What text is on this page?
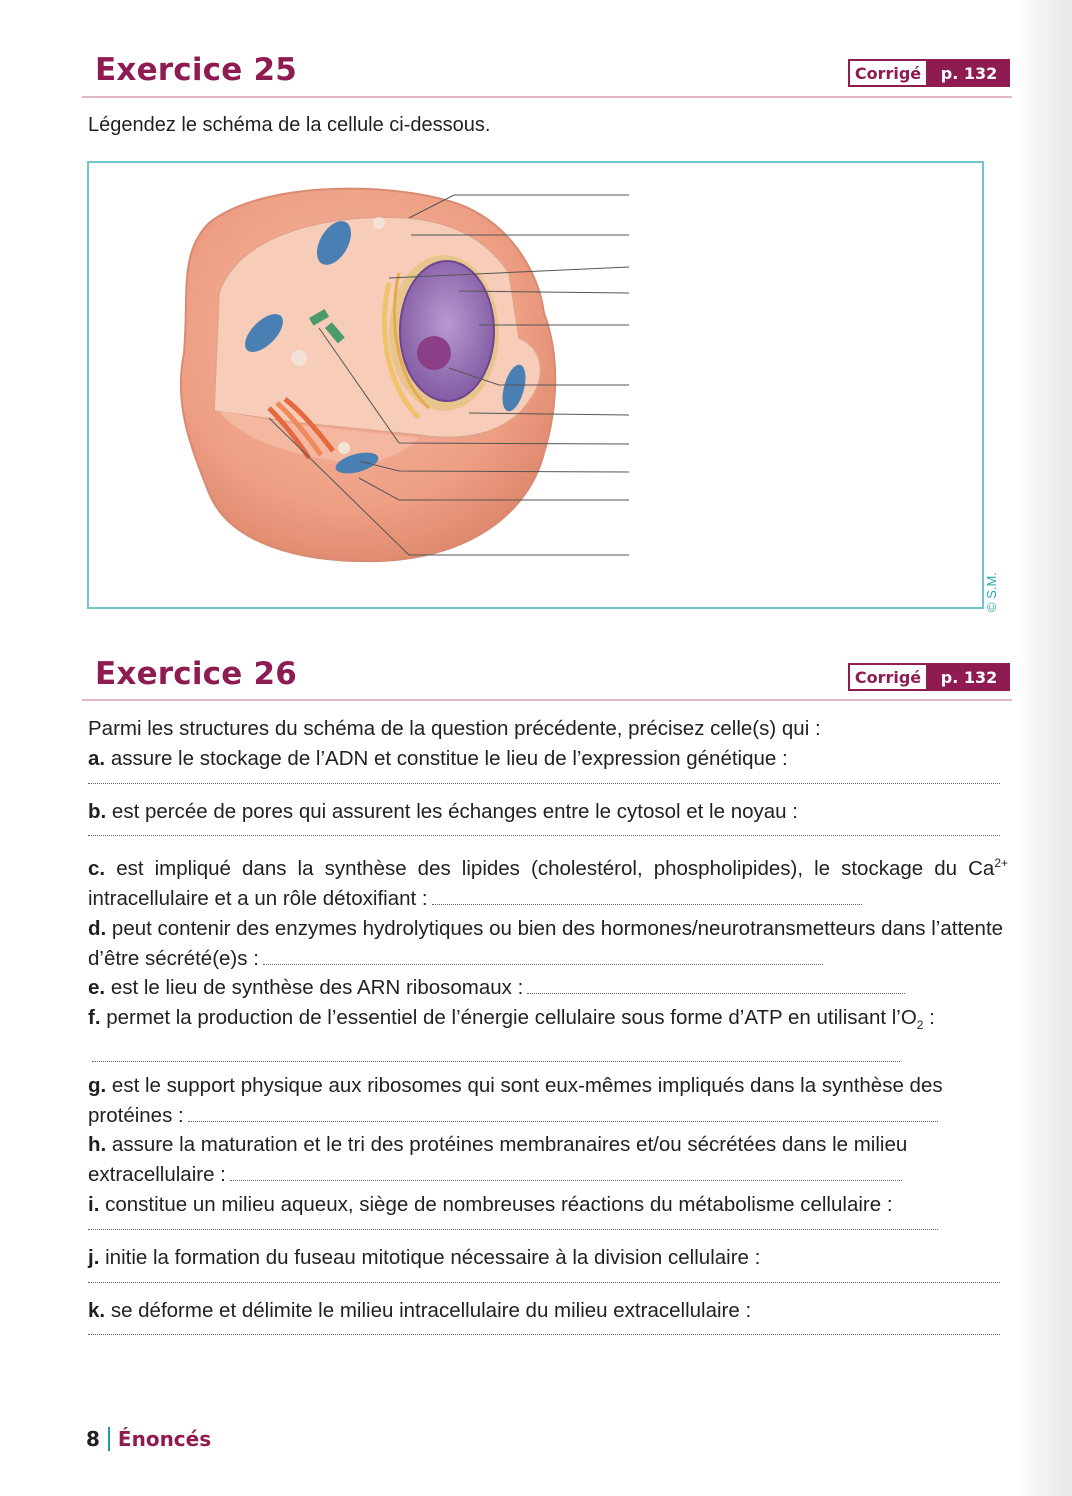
Exercice 25	Corrigé	p. 132
Légendez le schéma de la cellule ci-dessous.
© S.M.
Exercice 26	Corrigé	p. 132

Parmi les structures du schéma de la question précédente, précisez celle(s) qui :

a. assure le stockage de l’ADN et constitue le lieu de l’expression génétique :

b. est percée de pores qui assurent les échanges entre le cytosol et le noyau :

c. est impliqué dans la synthèse des lipides (cholestérol, phospholipides), le stockage du $Ca^{2+}$ intracellulaire et a un rôle détoxifiant :

d. peut contenir des enzymes hydrolytiques ou bien des hormones/neurotransmetteurs dans l’attente d’être sécrété(e)s :

e. est le lieu de synthèse des ARN ribosomaux :

f. permet la production de l’essentiel de l’énergie cellulaire sous forme d’ATP en utilisant $l’O_2$ :

g. est le support physique aux ribosomes qui sont eux-mêmes impliqués dans la synthèse des protéines :

h. assure la maturation et le tri des protéines membranaires et/ou sécrétées dans le milieu extracellulaire :

i. constitue un milieu aqueux, siège de nombreuses réactions du métabolisme cellulaire :

j. initie la formation du fuseau mitotique nécessaire à la division cellulaire :

k. se déforme et délimite le milieu intracellulaire du milieu extracellulaire :

8 Énoncés
